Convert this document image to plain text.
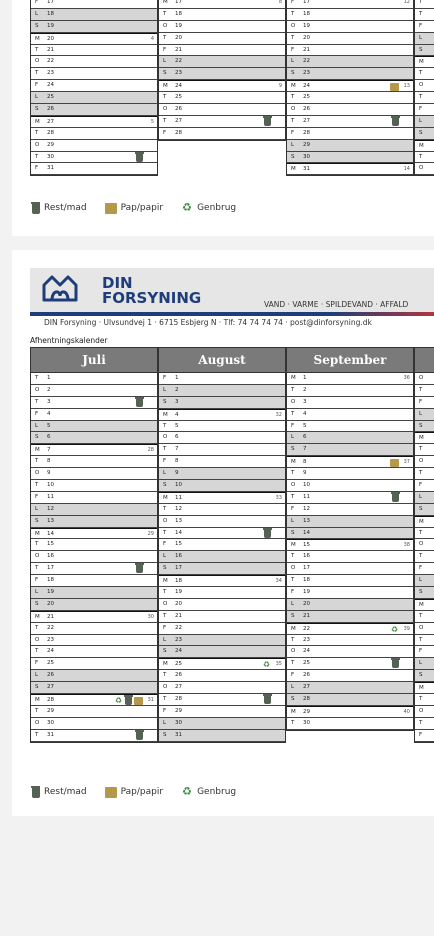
F 17
L 18
S 19
M 20	4
T 21
O 22
T 23
F 24
L 25
S 26
M 27	5
T 28
O 29
T 30
F 31
M 17	8
T 18
O 19
T 20
F 21
L 22
S 23
M 24	9
T 25
O 26
T 27
F 28
F 17	12
T 18
O 19
T 20
F 21
L 22
S 23
M 24	13
T 25
O 26
T 27
F 28
L 29
S 30
M 31	14
T
T
F
L
S
M
T
O
T
F
L
S
M
T
O
Rest/mad	Pap/papir ♻ Genbrug
DIN
FORSYNING	VAND · VARME · SPILDEVAND · AFFALD
DIN Forsyning · Ulvsundvej 1 · 6715 Esbjerg N · Tlf: 74 74 74 74 · post@dinforsyning.dk
Afhentningskalender
Juli
T 1
O 2
T 3
F 4
L 5
S 6
M 7	28
T 8
O 9
T 10
F 11
L 12
S 13
M 14	29
T 15
O 16
T 17
F 18
L 19
S 20
M 21	30
T 22
O 23
T 24
F 25
L 26
S 27
M 28	♻	31
T 29
O 30
T 31
August
F 1
L 2
S 3
M 4	32
T 5
O 6
T 7
F 8
L 9
S 10
M 11	33
T 12
O 13
T 14
F 15
L 16
S 17
M 18	34
T 19
O 20
T 21
F 22
L 23
S 24
M 25	♻ 35
T 26
O 27
T 28
F 29
L 30
S 31
September
M 1	36
T 2
O 3
T 4
F 5
L 6
S 7
M 8	37
T 9
O 10
T 11
F 12
L 13
S 14
M 15	38
T 16
O 17
T 18
F 19
L 20
S 21
M 22	♻ 39
T 23
O 24
T 25
F 26
L 27
S 28
M 29	40
T 30
O
T
F
L
S
M
T
O
T
F
L
S
M
T
O
T
F
L
S
M
T
O
T
F
L
S
M
T
O
T
F
Rest/mad	Pap/papir ♻ Genbrug
